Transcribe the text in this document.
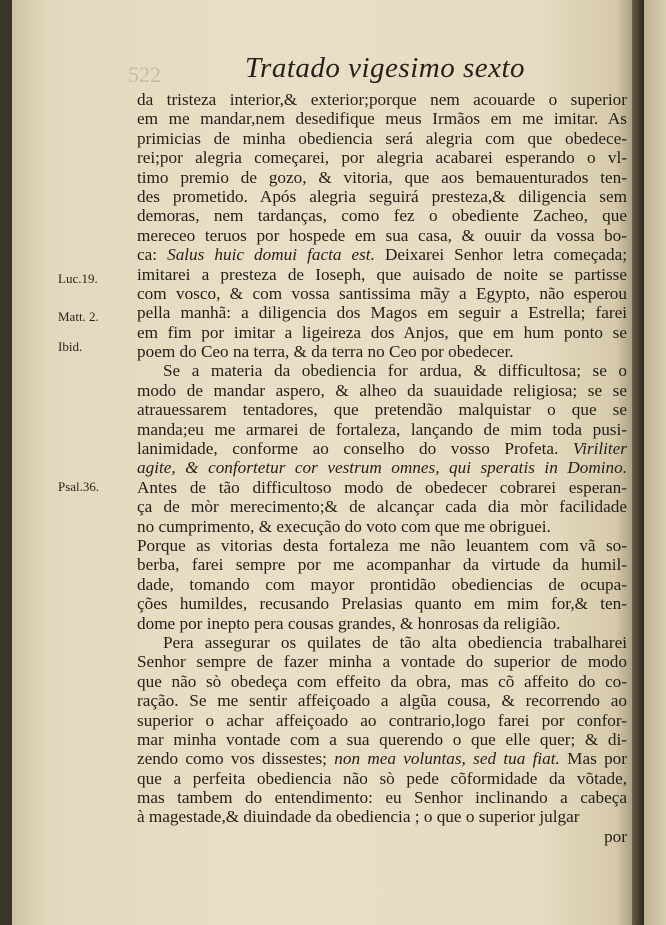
522	Tratado vigesimo sexto
Luc.19.
Matt. 2.
Ibid.
Psal.36.
da tristeza interior,& exterior;porque nem acouarde o superior
em me mandar,nem desedifique meus Irmãos em me imitar. As
primicias de minha obediencia será alegria com que obedece-
rei;por alegria começarei, por alegria acabarei esperando o vl-
timo premio de gozo, & vitoria, que aos bemauenturados ten-
des prometido. Após alegria seguirá presteza,& diligencia sem
demoras, nem tardanças, como fez o obediente Zacheo, que
mereceo teruos por hospede em sua casa, & ouuir da vossa bo-
ca: Salus huic domui facta est. Deixarei Senhor letra começada;
imitarei a presteza de Ioseph, que auisado de noite se partisse
com vosco, & com vossa santissima mãy a Egypto, não esperou
pella manhã: a diligencia dos Magos em seguir a Estrella; farei
em fim por imitar a ligeireza dos Anjos, que em hum ponto se
poem do Ceo na terra, & da terra no Ceo por obedecer.
Se a materia da obediencia for ardua, & difficultosa; se o
modo de mandar aspero, & alheo da suauidade religiosa; se se
atrauessarem tentadores, que pretendão malquistar o que se
manda;eu me armarei de fortaleza, lançando de mim toda pusi-
lanimidade, conforme ao conselho do vosso Profeta. Viriliter
agite, & confortetur cor vestrum omnes, qui speratis in Domino.
Antes de tão difficultoso modo de obedecer cobrarei esperan-
ça de mòr merecimento;& de alcançar cada dia mòr facilidade
no cumprimento, & execução do voto com que me obriguei.
Porque as vitorias desta fortaleza me não leuantem com vã so-
berba, farei sempre por me acompanhar da virtude da humil-
dade, tomando com mayor prontidão obediencias de ocupa-
ções humildes, recusando Prelasias quanto em mim for,& ten-
dome por inepto pera cousas grandes, & honrosas da religião.
Pera assegurar os quilates de tão alta obediencia trabalharei
Senhor sempre de fazer minha a vontade do superior de modo
que não sò obedeça com effeito da obra, mas cõ affeito do co-
ração. Se me sentir affeiçoado a algũa cousa, & recorrendo ao
superior o achar affeiçoado ao contrario,logo farei por confor-
mar minha vontade com a sua querendo o que elle quer; & di-
zendo como vos dissestes; non mea voluntas, sed tua fiat. Mas por
que a perfeita obediencia não sò pede cõformidade da võtade,
mas tambem do entendimento: eu Senhor inclinando a cabeça
à magestade,& diuindade da obediencia ; o que o superior julgar
por
